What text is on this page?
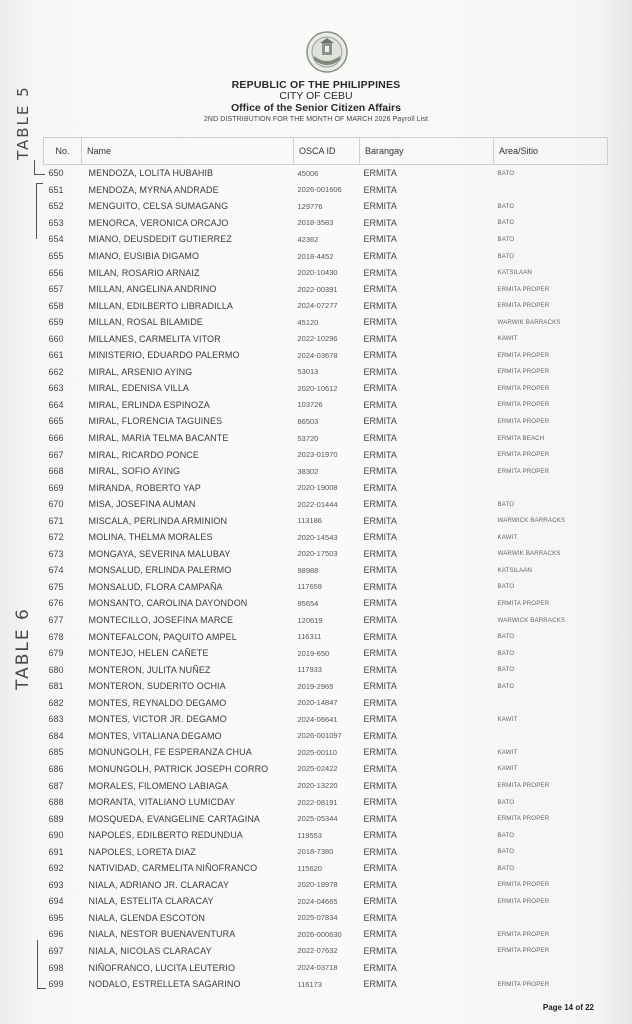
REPUBLIC OF THE PHILIPPINES
CITY OF CEBU
Office of the Senior Citizen Affairs
2ND DISTRIBUTION FOR THE MONTH OF MARCH 2026 Payroll List
TABLE 5
TABLE 6
No.	Name	OSCA ID	Barangay	Area/Sitio
650	MENDOZA, LOLITA HUBAHIB	45006	ERMITA	BATO
651	MENDOZA, MYRNA ANDRADE	2026-001606	ERMITA	
652	MENGUITO, CELSA SUMAGANG	129776	ERMITA	BATO
653	MENORCA, VERONICA ORCAJO	2018-3583	ERMITA	BATO
654	MIANO, DEUSDEDIT GUTIERREZ	42362	ERMITA	BATO
655	MIANO, EUSIBIA DIGAMO	2018-4452	ERMITA	BATO
656	MILAN, ROSARIO ARNAIZ	2020-10430	ERMITA	KATSILAAN
657	MILLAN, ANGELINA ANDRINO	2022-00391	ERMITA	ERMITA PROPER
658	MILLAN, EDILBERTO LIBRADILLA	2024-07277	ERMITA	ERMITA PROPER
659	MILLAN, ROSAL BILAMIDE	45120	ERMITA	WARWIK BARRACKS
660	MILLANES, CARMELITA VITOR	2022-10296	ERMITA	KAWIT
661	MINISTERIO, EDUARDO PALERMO	2024-03678	ERMITA	ERMITA PROPER
662	MIRAL, ARSENIO AYING	53013	ERMITA	ERMITA PROPER
663	MIRAL, EDENISA VILLA	2020-10612	ERMITA	ERMITA PROPER
664	MIRAL, ERLINDA ESPINOZA	103726	ERMITA	ERMITA PROPER
665	MIRAL, FLORENCIA TAGUINES	86503	ERMITA	ERMITA PROPER
666	MIRAL, MARIA TELMA BACANTE	53720	ERMITA	ERMITA BEACH
667	MIRAL, RICARDO PONCE	2023-01970	ERMITA	ERMITA PROPER
668	MIRAL, SOFIO AYING	38302	ERMITA	ERMITA PROPER
669	MIRANDA, ROBERTO YAP	2020-19008	ERMITA	
670	MISA, JOSEFINA AUMAN	2022-01444	ERMITA	BATO
671	MISCALA, PERLINDA ARMINION	113186	ERMITA	WARWICK BARRACKS
672	MOLINA, THELMA MORALES	2020-14543	ERMITA	KAWIT
673	MONGAYA, SEVERINA MALUBAY	2020-17503	ERMITA	WARWIK BARRACKS
674	MONSALUD, ERLINDA PALERMO	98988	ERMITA	KATSILAAN
675	MONSALUD, FLORA CAMPAÑA	117659	ERMITA	BATO
676	MONSANTO, CAROLINA DAYONDON	95654	ERMITA	ERMITA PROPER
677	MONTECILLO, JOSEFINA MARCE	120619	ERMITA	WARWICK BARRACKS
678	MONTEFALCON, PAQUITO AMPEL	116311	ERMITA	BATO
679	MONTEJO, HELEN CAÑETE	2019-650	ERMITA	BATO
680	MONTERON, JULITA NUÑEZ	117933	ERMITA	BATO
681	MONTERON, SUDERITO OCHIA	2019-2965	ERMITA	BATO
682	MONTES, REYNALDO DEGAMO	2020-14847	ERMITA	
683	MONTES, VICTOR JR. DEGAMO	2024-06641	ERMITA	KAWIT
684	MONTES, VITALIANA DEGAMO	2026-001097	ERMITA	
685	MONUNGOLH, FE ESPERANZA CHUA	2025-00110	ERMITA	KAWIT
686	MONUNGOLH, PATRICK JOSEPH CORRO	2025-02422	ERMITA	KAWIT
687	MORALES, FILOMENO LABIAGA	2020-13220	ERMITA	ERMITA PROPER
688	MORANTA, VITALIANO LUMICDAY	2022-08191	ERMITA	BATO
689	MOSQUEDA, EVANGELINE CARTAGINA	2025-05344	ERMITA	ERMITA PROPER
690	NAPOLES, EDILBERTO REDUNDUA	119553	ERMITA	BATO
691	NAPOLES, LORETA DIAZ	2018-7380	ERMITA	BATO
692	NATIVIDAD, CARMELITA NIÑOFRANCO	115620	ERMITA	BATO
693	NIALA, ADRIANO JR. CLARACAY	2020-18978	ERMITA	ERMITA PROPER
694	NIALA, ESTELITA CLARACAY	2024-04665	ERMITA	ERMITA PROPER
695	NIALA, GLENDA ESCOTON	2025-07834	ERMITA	
696	NIALA, NESTOR BUENAVENTURA	2026-000630	ERMITA	ERMITA PROPER
697	NIALA, NICOLAS CLARACAY	2022-07632	ERMITA	ERMITA PROPER
698	NIÑOFRANCO, LUCITA LEUTERIO	2024-03718	ERMITA	
699	NODALO, ESTRELLETA SAGARINO	116173	ERMITA	ERMITA PROPER
Page 14 of 22
